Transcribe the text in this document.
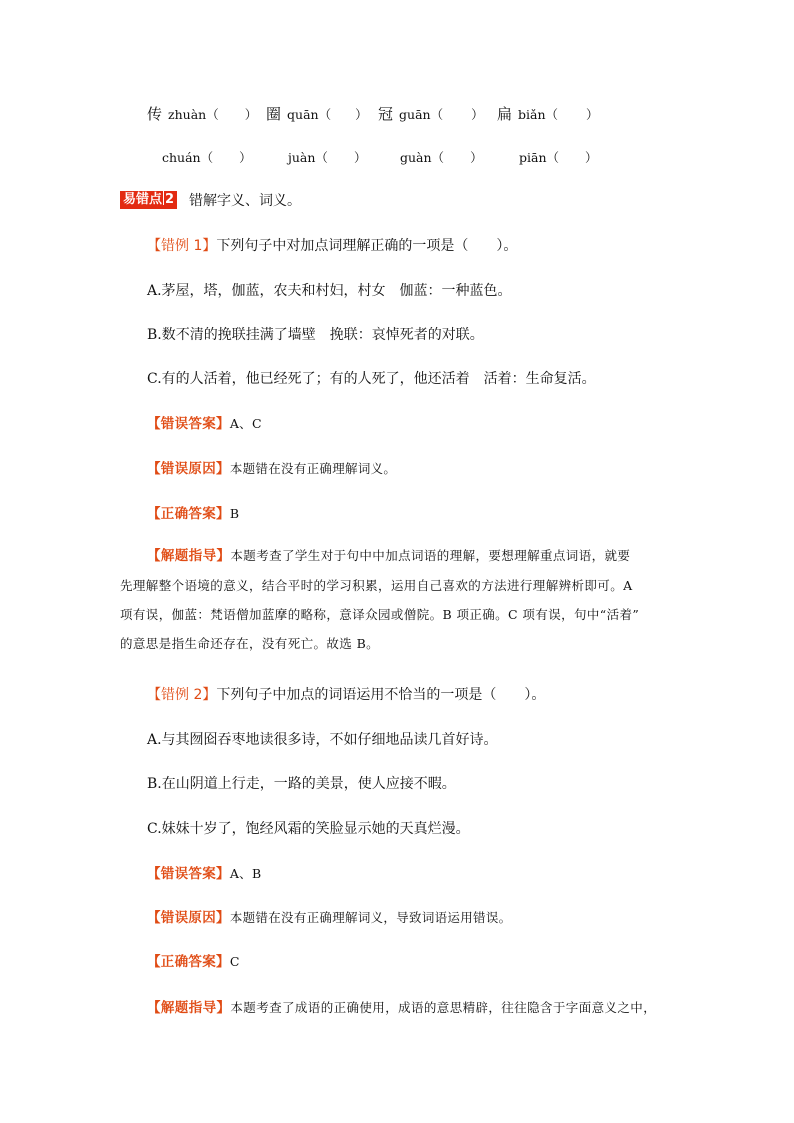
传 zhuàn（ ） 圈 quān（ ） 冠 guān（ ） 扁 biǎn（ ）
chuán（ ）	juàn（ ）	guàn（ ）	piān（ ）
易错点 2 错解字义、词义。
【错例 1】下列句子中对加点词理解正确的一项是（　　）。
A.茅屋，塔，伽蓝，农夫和村妇，村女　伽蓝：一种蓝色。
B.数不清的挽联挂满了墙壁　挽联：哀悼死者的对联。
C.有的人活着，他已经死了；有的人死了，他还活着　活着：生命复活。
【错误答案】A、C
【错误原因】本题错在没有正确理解词义。
【正确答案】B
【解题指导】本题考查了学生对于句中中加点词语的理解，要想理解重点词语，就要
先理解整个语境的意义，结合平时的学习积累，运用自己喜欢的方法进行理解辨析即可。A
项有误，伽蓝：梵语僧加蓝摩的略称，意译众园或僧院。B 项正确。C 项有误，句中“活着”
的意思是指生命还存在，没有死亡。故选 B。
【错例 2】下列句子中加点的词语运用不恰当的一项是（　　）。
A.与其囫囵吞枣地读很多诗，不如仔细地品读几首好诗。
B.在山阴道上行走，一路的美景，使人应接不暇。
C.妹妹十岁了，饱经风霜的笑脸显示她的天真烂漫。
【错误答案】A、B
【错误原因】本题错在没有正确理解词义，导致词语运用错误。
【正确答案】C
【解题指导】本题考查了成语的正确使用，成语的意思精辟，往往隐含于字面意义之中，
